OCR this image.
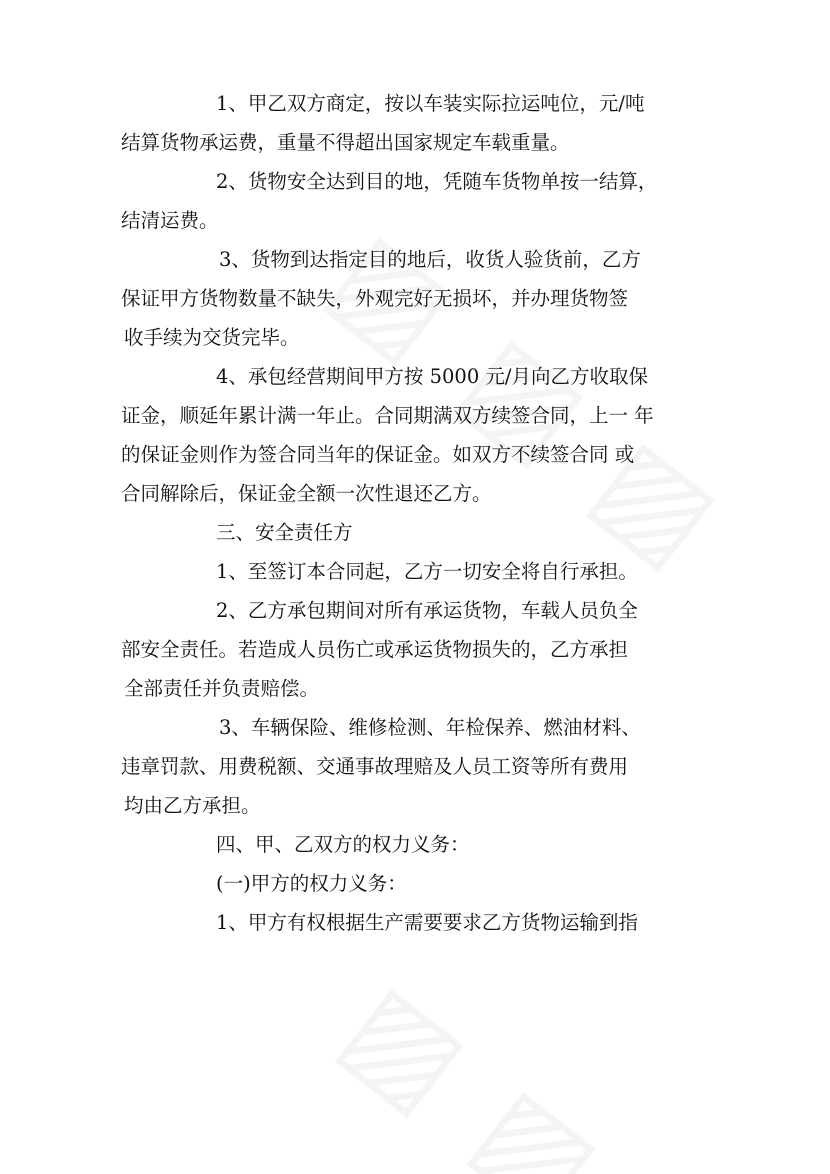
1、甲乙双方商定，按以车装实际拉运吨位，元/吨
结算货物承运费，重量不得超出国家规定车载重量。
2、货物安全达到目的地，凭随车货物单按一结算，
结清运费。
3、货物到达指定目的地后，收货人验货前，乙方
保证甲方货物数量不缺失，外观完好无损坏，并办理货物签
收手续为交货完毕。
4、承包经营期间甲方按 5000 元/月向乙方收取保
证金，顺延年累计满一年止。合同期满双方续签合同，上一 年
的保证金则作为签合同当年的保证金。如双方不续签合同 或
合同解除后，保证金全额一次性退还乙方。
三、安全责任方
1、至签订本合同起，乙方一切安全将自行承担。
2、乙方承包期间对所有承运货物，车载人员负全
部安全责任。若造成人员伤亡或承运货物损失的，乙方承担
全部责任并负责赔偿。
3、车辆保险、维修检测、年检保养、燃油材料、
违章罚款、用费税额、交通事故理赔及人员工资等所有费用
均由乙方承担。
四、甲、乙双方的权力义务：
(一)甲方的权力义务：
1、甲方有权根据生产需要要求乙方货物运输到指
